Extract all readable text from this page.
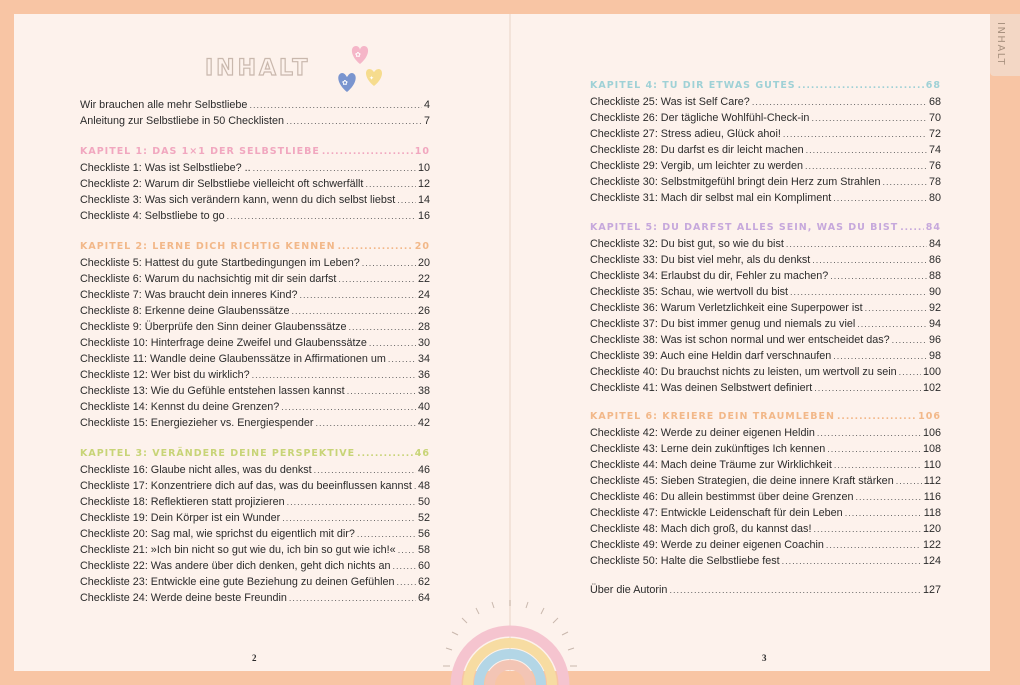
INHALT
INHALT
✿
✿
✦
Wir brauchen alle mehr Selbstliebe .....	4
Anleitung zur Selbstliebe in 50 Checklisten .....	7
KAPITEL 1: DAS 1×1 DER SELBSTLIEBE .....	10
Checkliste 1: Was ist Selbstliebe? .. .....	10
Checkliste 2: Warum dir Selbstliebe vielleicht oft schwerfällt .....	12
Checkliste 3: Was sich verändern kann, wenn du dich selbst liebst ..... 14
Checkliste 4: Selbstliebe to go .....	16
KAPITEL 2: LERNE DICH RICHTIG KENNEN .....	20
Checkliste 5: Hattest du gute Startbedingungen im Leben? .....	20
Checkliste 6: Warum du nachsichtig mit dir sein darfst .....	22
Checkliste 7: Was braucht dein inneres Kind? .....	24
Checkliste 8: Erkenne deine Glaubenssätze .....	26
Checkliste 9: Überprüfe den Sinn deiner Glaubenssätze .....	28
Checkliste 10: Hinterfrage deine Zweifel und Glaubenssätze .....	30
Checkliste 11: Wandle deine Glaubenssätze in Affirmationen um .....	34
Checkliste 12: Wer bist du wirklich? .....	36
Checkliste 13: Wie du Gefühle entstehen lassen kannst .....	38
Checkliste 14: Kennst du deine Grenzen? .....	40
Checkliste 15: Energiezieher vs. Energiespender .....	42
KAPITEL 3: VERÄNDERE DEINE PERSPEKTIVE .....	46
Checkliste 16: Glaube nicht alles, was du denkst .....	46
Checkliste 17: Konzentriere dich auf das, was du beeinflussen kannst ..... 48
Checkliste 18: Reflektieren statt projizieren .....	50
Checkliste 19: Dein Körper ist ein Wunder .....	52
Checkliste 20: Sag mal, wie sprichst du eigentlich mit dir? .....	56
Checkliste 21: »Ich bin nicht so gut wie du, ich bin so gut wie ich!« ..... 58
Checkliste 22: Was andere über dich denken, geht dich nichts an .....	60
Checkliste 23: Entwickle eine gute Beziehung zu deinen Gefühlen ..... 62
Checkliste 24: Werde deine beste Freundin .....	64
KAPITEL 4: TU DIR ETWAS GUTES .....	68
Checkliste 25: Was ist Self Care? .....	68
Checkliste 26: Der tägliche Wohlfühl-Check-in .....	70
Checkliste 27: Stress adieu, Glück ahoi! .....	72
Checkliste 28: Du darfst es dir leicht machen .....	74
Checkliste 29: Vergib, um leichter zu werden .....	76
Checkliste 30: Selbstmitgefühl bringt dein Herz zum Strahlen .....	78
Checkliste 31: Mach dir selbst mal ein Kompliment .....	80
KAPITEL 5: DU DARFST ALLES SEIN, WAS DU BIST .....	84
Checkliste 32: Du bist gut, so wie du bist .....	84
Checkliste 33: Du bist viel mehr, als du denkst .....	86
Checkliste 34: Erlaubst du dir, Fehler zu machen? .....	88
Checkliste 35: Schau, wie wertvoll du bist .....	90
Checkliste 36: Warum Verletzlichkeit eine Superpower ist .....	92
Checkliste 37: Du bist immer genug und niemals zu viel .....	94
Checkliste 38: Was ist schon normal und wer entscheidet das? .....	96
Checkliste 39: Auch eine Heldin darf verschnaufen .....	98
Checkliste 40: Du brauchst nichts zu leisten, um wertvoll zu sein ..... 100
Checkliste 41: Was deinen Selbstwert definiert .....	102
KAPITEL 6: KREIERE DEIN TRAUMLEBEN .....	106
Checkliste 42: Werde zu deiner eigenen Heldin .....	106
Checkliste 43: Lerne dein zukünftiges Ich kennen .....	108
Checkliste 44: Mach deine Träume zur Wirklichkeit .....	110
Checkliste 45: Sieben Strategien, die deine innere Kraft stärken .....	112
Checkliste 46: Du allein bestimmst über deine Grenzen .....	116
Checkliste 47: Entwickle Leidenschaft für dein Leben .....	118
Checkliste 48: Mach dich groß, du kannst das! .....	120
Checkliste 49: Werde zu deiner eigenen Coachin .....	122
Checkliste 50: Halte die Selbstliebe fest .....	124
Über die Autorin .....	127
2	3
